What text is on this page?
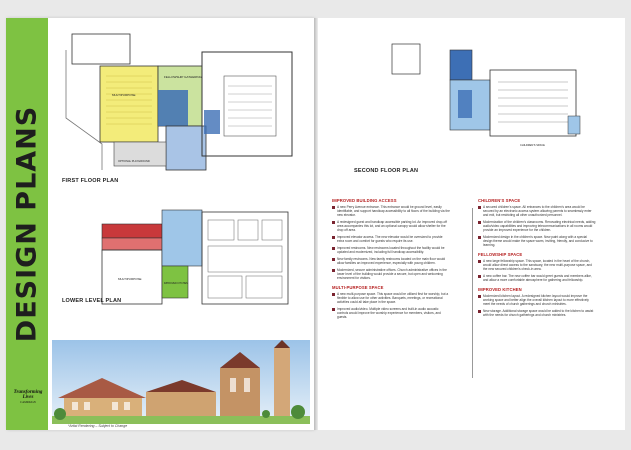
DESIGN PLANS
FELLOWSHIP GATHERING
MULTIPURPOSE
OPTIONAL PLAYGROUND
FIRST FLOOR PLAN
MULTIPURPOSE
IMPROVED KITCHEN
LOWER LEVEL PLAN
*Artist Rendering – Subject to Change
Transforming
Lives
CAMPAIGN
CHILDREN'S SPACE
SECOND FLOOR PLAN
IMPROVED BUILDING ACCESS

A new Perry Avenue entrance. This entrance would be ground level, easily identifiable, and support handicap accessibility to all floors of the building via the new elevator.

A redesigned guest and handicap accessible parking lot. An improved drop-off area accompanies this lot, and an optional canopy would allow shelter for the drop off area.

Improved elevator access. The new elevator would be oversized to provide extra room and comfort for guests who require its use.

Improved restrooms. New restrooms located throughout the facility would be updated and modernized, including full handicap accessibility.

New family restrooms. New family restrooms located on the main floor would allow families an improved experience, especially with young children.

Modernized, secure administrative offices. Church administrative offices in the lower level of the building would provide a secure, but open and welcoming environment for visitors.

MULTI-PURPOSE SPACE

A new multi-purpose space. This space would be utilized first for worship, but a flexible to allow use for other activities. Banquets, meetings, or recreational activities could all take place in the space.

Improved audio/video. Multiple video screens and built-in audio acoustic controls would improve the worship experience for members, visitors, and guests.

CHILDREN'S SPACE

A secured children's space. All entrances to the children's area would be secured by an electronic access system allowing parents to seamlessly enter and exit, but restricting all other unauthorized personnel.

Modernization of the children's classrooms. Renovating electrical needs, adding audio/video capabilities and improving telecommunications in all rooms would provide an improved experience for the children.

Modernized design in the children's space. New paint along with a special design theme would make the space warm, inviting, friendly, and conducive to learning.

FELLOWSHIP SPACE

A new large fellowship space. This space, located in the heart of the church, would allow direct access to the sanctuary, the new multi-purpose space, and the new secured children's check-in area.

A new coffee bar. The new coffee bar would greet guests and members alike, and allow a more comfortable atmosphere for gathering and fellowship.

IMPROVED KITCHEN

Modernized kitchen layout. A redesigned kitchen layout would improve the working space and better align the overall kitchen layout to more effectively meet the needs of church gatherings and church ministries.

New storage. Additional storage space would be added to the kitchen to assist with the needs for church gatherings and church ministries.
